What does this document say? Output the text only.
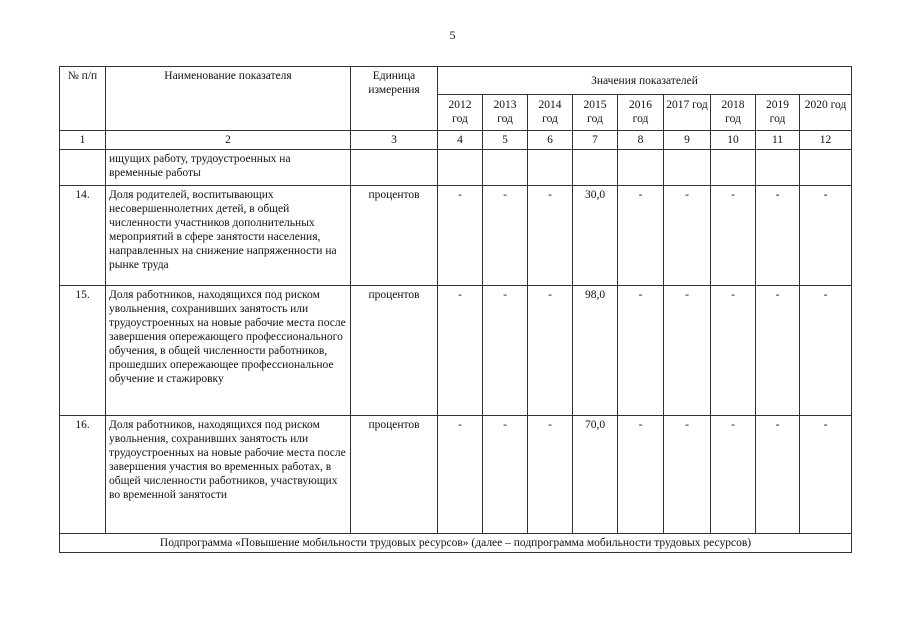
5
№ п/п	Наименование показателя	Единица измерения	Значения показателей								
			2012 год	2013 год	2014 год	2015 год	2016 год	2017 год	2018 год	2019 год	2020 год
1	2	3	4	5	6	7	8	9	10	11	12
	ищущих работу, трудоустроенных на временные работы										
14.	Доля родителей, воспитывающих несовершеннолетних детей, в общей численности участников дополнительных мероприятий в сфере занятости населения, направленных на снижение напряженности на рынке труда	процентов	-	-	-	30,0	-	-	-	-	-
15.	Доля работников, находящихся под риском увольнения, сохранивших занятость или трудоустроенных на новые рабочие места после завершения опережающего профессионального обучения, в общей численности работников, прошедших опережающее профессиональное обучение и стажировку	процентов	-	-	-	98,0	-	-	-	-	-
16.	Доля работников, находящихся под риском увольнения, сохранивших занятость или трудоустроенных на новые рабочие места после завершения участия во временных работах, в общей численности работников, участвующих во временной занятости	процентов	-	-	-	70,0	-	-	-	-	-
Подпрограмма «Повышение мобильности трудовых ресурсов» (далее – подпрограмма мобильности трудовых ресурсов)											
